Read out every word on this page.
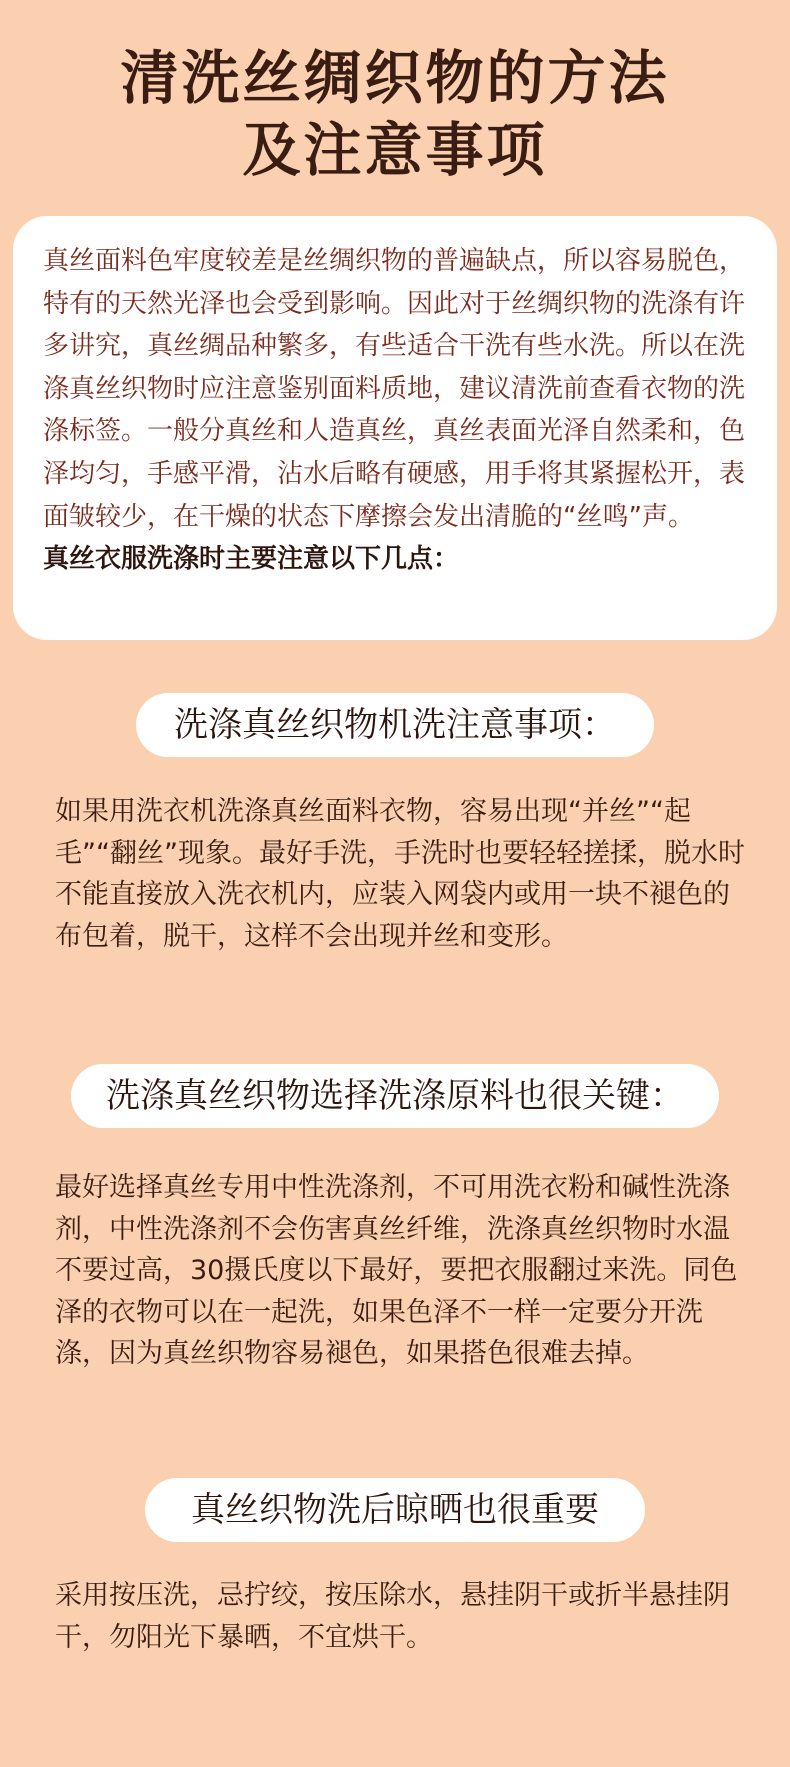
清洗丝绸织物的方法
及注意事项

真丝面料色牢度较差是丝绸织物的普遍缺点，所以容易脱色，特有的天然光泽也会受到影响。因此对于丝绸织物的洗涤有许多讲究，真丝绸品种繁多，有些适合干洗有些水洗。所以在洗涤真丝织物时应注意鉴别面料质地，建议清洗前查看衣物的洗涤标签。一般分真丝和人造真丝，真丝表面光泽自然柔和，色泽均匀，手感平滑，沾水后略有硬感，用手将其紧握松开，表面皱较少，在干燥的状态下摩擦会发出清脆的“丝鸣”声。

真丝衣服洗涤时主要注意以下几点：

洗涤真丝织物机洗注意事项：

如果用洗衣机洗涤真丝面料衣物，容易出现“并丝”“起毛”“翻丝”现象。最好手洗，手洗时也要轻轻搓揉，脱水时不能直接放入洗衣机内，应装入网袋内或用一块不褪色的布包着，脱干，这样不会出现并丝和变形。

洗涤真丝织物选择洗涤原料也很关键：

最好选择真丝专用中性洗涤剂，不可用洗衣粉和碱性洗涤剂，中性洗涤剂不会伤害真丝纤维，洗涤真丝织物时水温不要过高，30摄氏度以下最好，要把衣服翻过来洗。同色泽的衣物可以在一起洗，如果色泽不一样一定要分开洗涤，因为真丝织物容易褪色，如果搭色很难去掉。

真丝织物洗后晾晒也很重要

采用按压洗，忌拧绞，按压除水，悬挂阴干或折半悬挂阴干，勿阳光下暴晒，不宜烘干。
